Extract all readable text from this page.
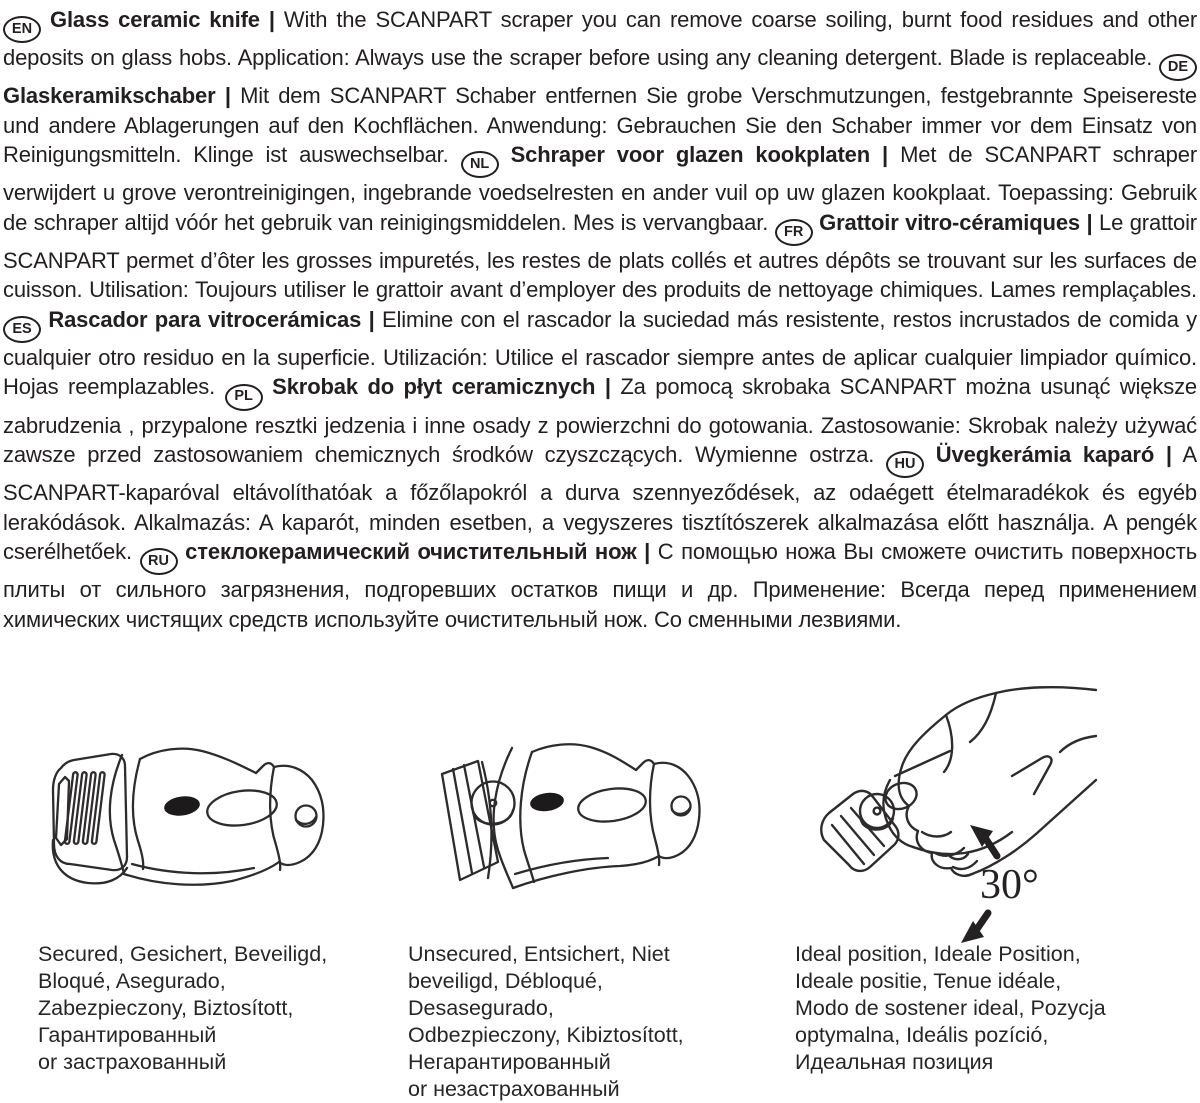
EN Glass ceramic knife | With the SCANPART scraper you can remove coarse soiling, burnt food residues and other deposits on glass hobs. Application: Always use the scraper before using any cleaning detergent. Blade is replaceable. DE Glaskeramikschaber | Mit dem SCANPART Schaber entfernen Sie grobe Verschmutzungen, festgebrannte Speisereste und andere Ablagerungen auf den Kochflächen. Anwendung: Gebrauchen Sie den Schaber immer vor dem Einsatz von Reinigungsmitteln. Klinge ist auswechselbar. NL Schraper voor glazen kookplaten | Met de SCANPART schraper verwijdert u grove verontreinigingen, ingebrande voedselresten en ander vuil op uw glazen kookplaat. Toepassing: Gebruik de schraper altijd vóór het gebruik van reinigingsmiddelen. Mes is vervangbaar. FR Grattoir vitro-céramiques | Le grattoir SCANPART permet d’ôter les grosses impuretés, les restes de plats collés et autres dépôts se trouvant sur les surfaces de cuisson. Utilisation: Toujours utiliser le grattoir avant d’employer des produits de nettoyage chimiques. Lames remplaçables. ES Rascador para vitrocerámicas | Elimine con el rascador la suciedad más resistente, restos incrustados de comida y cualquier otro residuo en la superficie. Utilización: Utilice el rascador siempre antes de aplicar cualquier limpiador químico. Hojas reemplazables. PL Skrobak do płyt ceramicznych | Za pomocą skrobaka SCANPART można usunąć większe zabrudzenia , przypalone resztki jedzenia i inne osady z powierzchni do gotowania. Zastosowanie: Skrobak należy używać zawsze przed zastosowaniem chemicznych środków czyszczących. Wymienne ostrza. HU Üvegkerámia kaparó | A SCANPART-kaparóval eltávolíthatóak a főzőlapokról a durva szennyeződések, az odaégett ételmaradékok és egyéb lerakódások. Alkalmazás: A kaparót, minden esetben, a vegyszeres tisztítószerek alkalmazása előtt használja. A pengék cserélhetőek. RU стеклокерамический очистительный нож | С помощью ножа Вы сможете очистить поверхность плиты от сильного загрязнения, подгоревших остатков пищи и др. Применение: Всегда перед применением химических чистящих средств используйте очистительный нож. Со сменными лезвиями.
30°
Secured, Gesichert, Beveiligd,
Bloqué, Asegurado,
Zabezpieczony, Biztosított,
Гарантированный
or застрахованный
Unsecured, Entsichert, Niet
beveiligd, Débloqué,
Desasegurado,
Odbezpieczony, Kibiztosított,
Негарантированный
or незастрахованный
Ideal position, Ideale Position,
Ideale positie, Tenue idéale,
Modo de sostener ideal, Pozycja
optymalna, Ideális pozíció,
Идеальная позиция
